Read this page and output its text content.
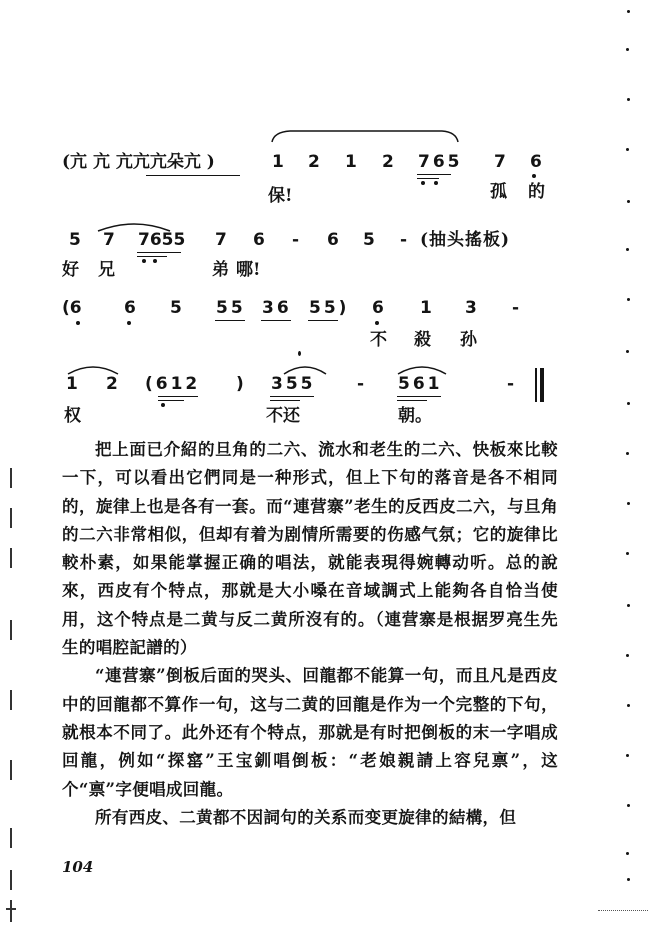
(亢 亢 亢亢亢朵亢 )	1 2 1 2 765 7 6
保!	孤 的
5 7 7655 7 6 - 6 5 - (抽头搖板)
好 兄	弟 哪!
(6 6 5 55 36 55) 6 1 3 -
不 殺 孙
1 2 (612 ) 355 - 561	-
权	不还	朝。

把上面已介紹的旦角的二六、流水和老生的二六、快板來比較一下，可以看出它們同是一种形式，但上下句的落音是各不相同的，旋律上也是各有一套。而“連营寨”老生的反西皮二六，与旦角的二六非常相似，但却有着为剧情所需要的伤感气氛；它的旋律比較朴素，如果能掌握正确的唱法，就能表現得婉轉动听。总的說來，西皮有个特点，那就是大小嗓在音域調式上能夠各自恰当使用，这个特点是二黄与反二黄所沒有的。（連营寨是根据罗亮生先生的唱腔記譜的）

“連营寨”倒板后面的哭头、回龍都不能算一句，而且凡是西皮中的回龍都不算作一句，这与二黄的回龍是作为一个完整的下句，就根本不同了。此外还有个特点，那就是有时把倒板的末一字唱成回龍，例如“探窰”王宝釧唱倒板：“老娘親請上容兒禀”，这个“禀”字便唱成回龍。

所有西皮、二黄都不因詞句的关系而变更旋律的結構，但

104
